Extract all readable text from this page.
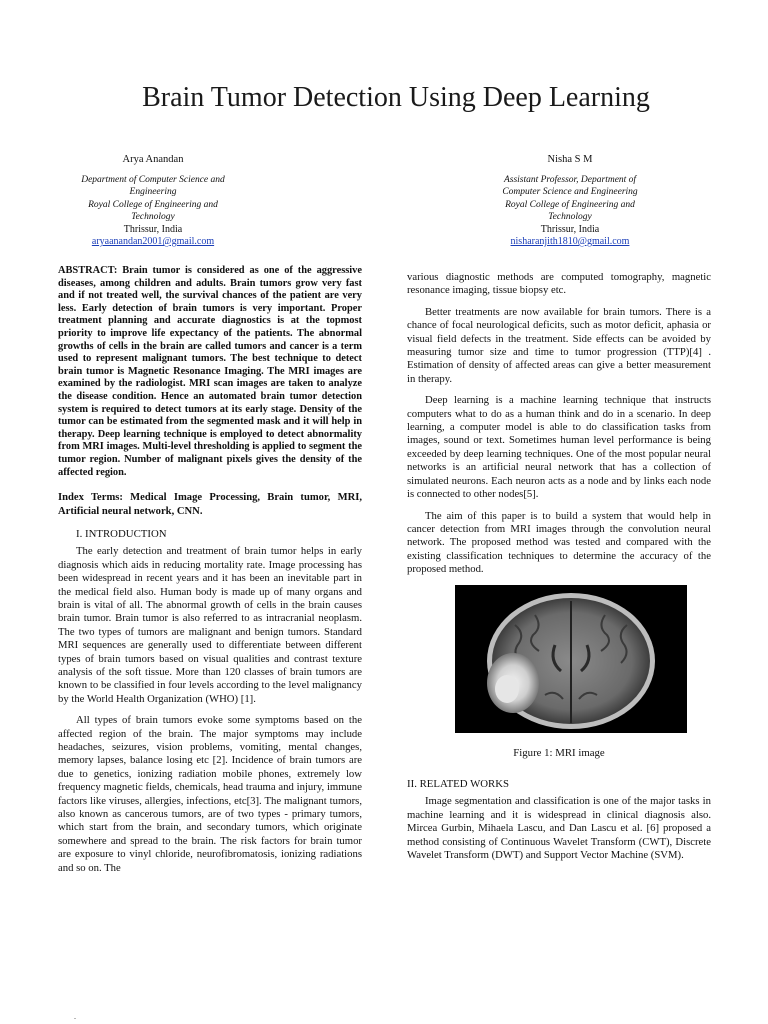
Brain Tumor Detection Using Deep Learning
Arya Anandan
Department of Computer Science and
Engineering
Royal College of Engineering and
Technology
Thrissur, India
aryaanandan2001@gmail.com
Nisha S M
Assistant Professor, Department of
Computer Science and Engineering
Royal College of Engineering and
Technology
Thrissur, India
nisharanjith1810@gmail.com

ABSTRACT: Brain tumor is considered as one of the aggressive diseases, among children and adults. Brain tumors grow very fast and if not treated well, the survival chances of the patient are very less. Early detection of brain tumors is very important. Proper treatment planning and accurate diagnostics is at the topmost priority to improve life expectancy of the patients. The abnormal growths of cells in the brain are called tumors and cancer is a term used to represent malignant tumors. The best technique to detect brain tumor is Magnetic Resonance Imaging. The MRI images are examined by the radiologist. MRI scan images are taken to analyze the disease condition. Hence an automated brain tumor detection system is required to detect tumors at its early stage. Density of the tumor can be estimated from the segmented mask and it will help in therapy. Deep learning technique is employed to detect abnormality from MRI images. Multi-level thresholding is applied to segment the tumor region. Number of malignant pixels gives the density of the affected region.

Index Terms: Medical Image Processing, Brain tumor, MRI, Artificial neural network, CNN.

I. INTRODUCTION

The early detection and treatment of brain tumor helps in early diagnosis which aids in reducing mortality rate. Image processing has been widespread in recent years and it has been an inevitable part in the medical field also. Human body is made up of many organs and brain is vital of all. The abnormal growth of cells in the brain causes brain tumor. Brain tumor is also referred to as intracranial neoplasm. The two types of tumors are malignant and benign tumors. Standard MRI sequences are generally used to differentiate between different types of brain tumors based on visual qualities and contrast texture analysis of the soft tissue. More than 120 classes of brain tumors are known to be classified in four levels according to the level malignancy by the World Health Organization (WHO) [1].

All types of brain tumors evoke some symptoms based on the affected region of the brain. The major symptoms may include headaches, seizures, vision problems, vomiting, mental changes, memory lapses, balance losing etc [2]. Incidence of brain tumors are due to genetics, ionizing radiation mobile phones, extremely low frequency magnetic fields, chemicals, head trauma and injury, immune factors like viruses, allergies, infections, etc[3]. The malignant tumors, also known as cancerous tumors, are of two types - primary tumors, which start from the brain, and secondary tumors, which originate somewhere and spread to the brain. The risk factors for brain tumor are exposure to vinyl chloride, neurofibromatosis, ionizing radiations and so on. The

various diagnostic methods are computed tomography, magnetic resonance imaging, tissue biopsy etc.

Better treatments are now available for brain tumors. There is a chance of focal neurological deficits, such as motor deficit, aphasia or visual field defects in the treatment. Side effects can be avoided by measuring tumor size and time to tumor progression (TTP)[4] . Estimation of density of affected areas can give a better measurement in therapy.

Deep learning is a machine learning technique that instructs computers what to do as a human think and do in a scenario. In deep learning, a computer model is able to do classification tasks from images, sound or text. Sometimes human level performance is being exceeded by deep learning techniques. One of the most popular neural networks is an artificial neural network that has a collection of simulated neurons. Each neuron acts as a node and by links each node is connected to other nodes[5].

The aim of this paper is to build a system that would help in cancer detection from MRI images through the convolution neural network. The proposed method was tested and compared with the existing classification techniques to determine the accuracy of the proposed method.

Figure 1: MRI image
II. RELATED WORKS

Image segmentation and classification is one of the major tasks in machine learning and it is widespread in clinical diagnosis also. Mircea Gurbin, Mihaela Lascu, and Dan Lascu et al. [6] proposed a method consisting of Continuous Wavelet Transform (CWT), Discrete Wavelet Transform (DWT) and Support Vector Machine (SVM).

.
